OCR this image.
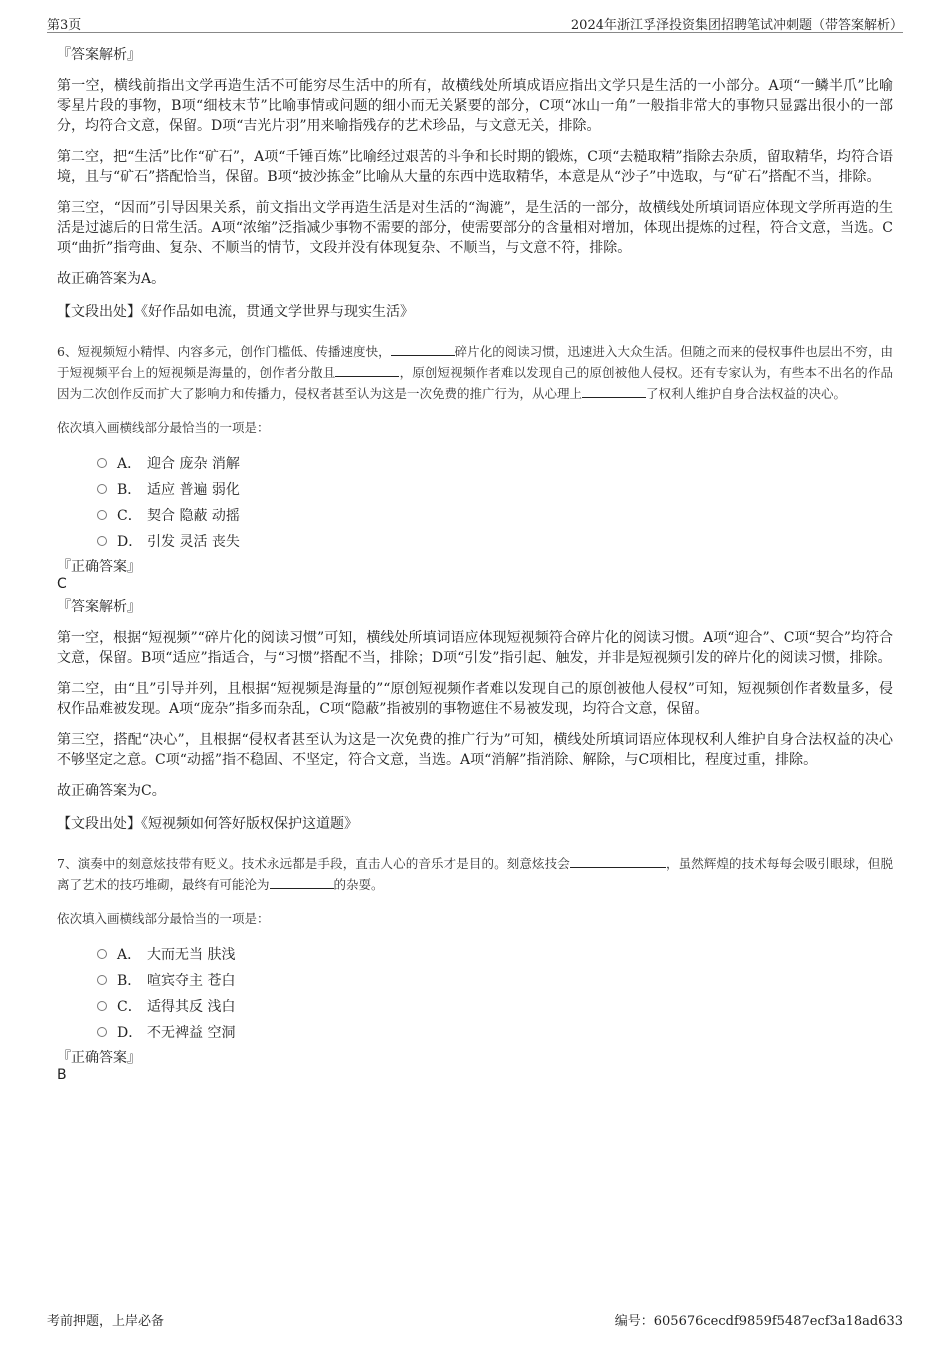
第3页	2024年浙江孚泽投资集团招聘笔试冲刺题（带答案解析）
『答案解析』

第一空，横线前指出文学再造生活不可能穷尽生活中的所有，故横线处所填成语应指出文学只是生活的一小部分。A项“一鳞半爪”比喻零星片段的事物，B项“细枝末节”比喻事情或问题的细小而无关紧要的部分，C项“冰山一角”一般指非常大的事物只显露出很小的一部分，均符合文意，保留。D项“吉光片羽”用来喻指残存的艺术珍品，与文意无关，排除。

第二空，把“生活”比作“矿石”，A项“千锤百炼”比喻经过艰苦的斗争和长时期的锻炼，C项“去糙取精”指除去杂质，留取精华，均符合语境，且与“矿石”搭配恰当，保留。B项“披沙拣金”比喻从大量的东西中选取精华，本意是从“沙子”中选取，与“矿石”搭配不当，排除。

第三空，“因而”引导因果关系，前文指出文学再造生活是对生活的“淘漉”，是生活的一部分，故横线处所填词语应体现文学所再造的生活是过滤后的日常生活。A项“浓缩”泛指减少事物不需要的部分，使需要部分的含量相对增加，体现出提炼的过程，符合文意，当选。C项“曲折”指弯曲、复杂、不顺当的情节，文段并没有体现复杂、不顺当，与文意不符，排除。

故正确答案为A。

【文段出处】《好作品如电流，贯通文学世界与现实生活》
6、短视频短小精悍、内容多元，创作门槛低、传播速度快，	碎片化的阅读习惯，迅速进入大众生活。但随之而来的侵权事件也层出不穷，由于短视频平台上的短视频是海量的，创作者分散且	，原创短视频作者难以发现自己的原创被他人侵权。还有专家认为，有些本不出名的作品因为二次创作反而扩大了影响力和传播力，侵权者甚至认为这是一次免费的推广行为，从心理上	了权利人维护自身合法权益的决心。
依次填入画横线部分最恰当的一项是：
A． 迎合 庞杂 消解
B． 适应 普遍 弱化
C． 契合 隐蔽 动摇
D． 引发 灵活 丧失
『正确答案』
C
『答案解析』

第一空，根据“短视频”“碎片化的阅读习惯”可知，横线处所填词语应体现短视频符合碎片化的阅读习惯。A项“迎合”、C项“契合”均符合文意，保留。B项“适应”指适合，与“习惯”搭配不当，排除；D项“引发”指引起、触发，并非是短视频引发的碎片化的阅读习惯，排除。

第二空，由“且”引导并列，且根据“短视频是海量的”“原创短视频作者难以发现自己的原创被他人侵权”可知，短视频创作者数量多，侵权作品难被发现。A项“庞杂”指多而杂乱，C项“隐蔽”指被别的事物遮住不易被发现，均符合文意，保留。

第三空，搭配“决心”，且根据“侵权者甚至认为这是一次免费的推广行为”可知，横线处所填词语应体现权利人维护自身合法权益的决心不够坚定之意。C项“动摇”指不稳固、不坚定，符合文意，当选。A项“消解”指消除、解除，与C项相比，程度过重，排除。

故正确答案为C。

【文段出处】《短视频如何答好版权保护这道题》
7、演奏中的刻意炫技带有贬义。技术永远都是手段，直击人心的音乐才是目的。刻意炫技会	，虽然辉煌的技术每每会吸引眼球，但脱离了艺术的技巧堆砌，最终有可能沦为	的杂耍。
依次填入画横线部分最恰当的一项是：
A． 大而无当 肤浅
B． 喧宾夺主 苍白
C． 适得其反 浅白
D． 不无裨益 空洞
『正确答案』
B
考前押题，上岸必备	编号：605676cecdf9859f5487ecf3a18ad633
